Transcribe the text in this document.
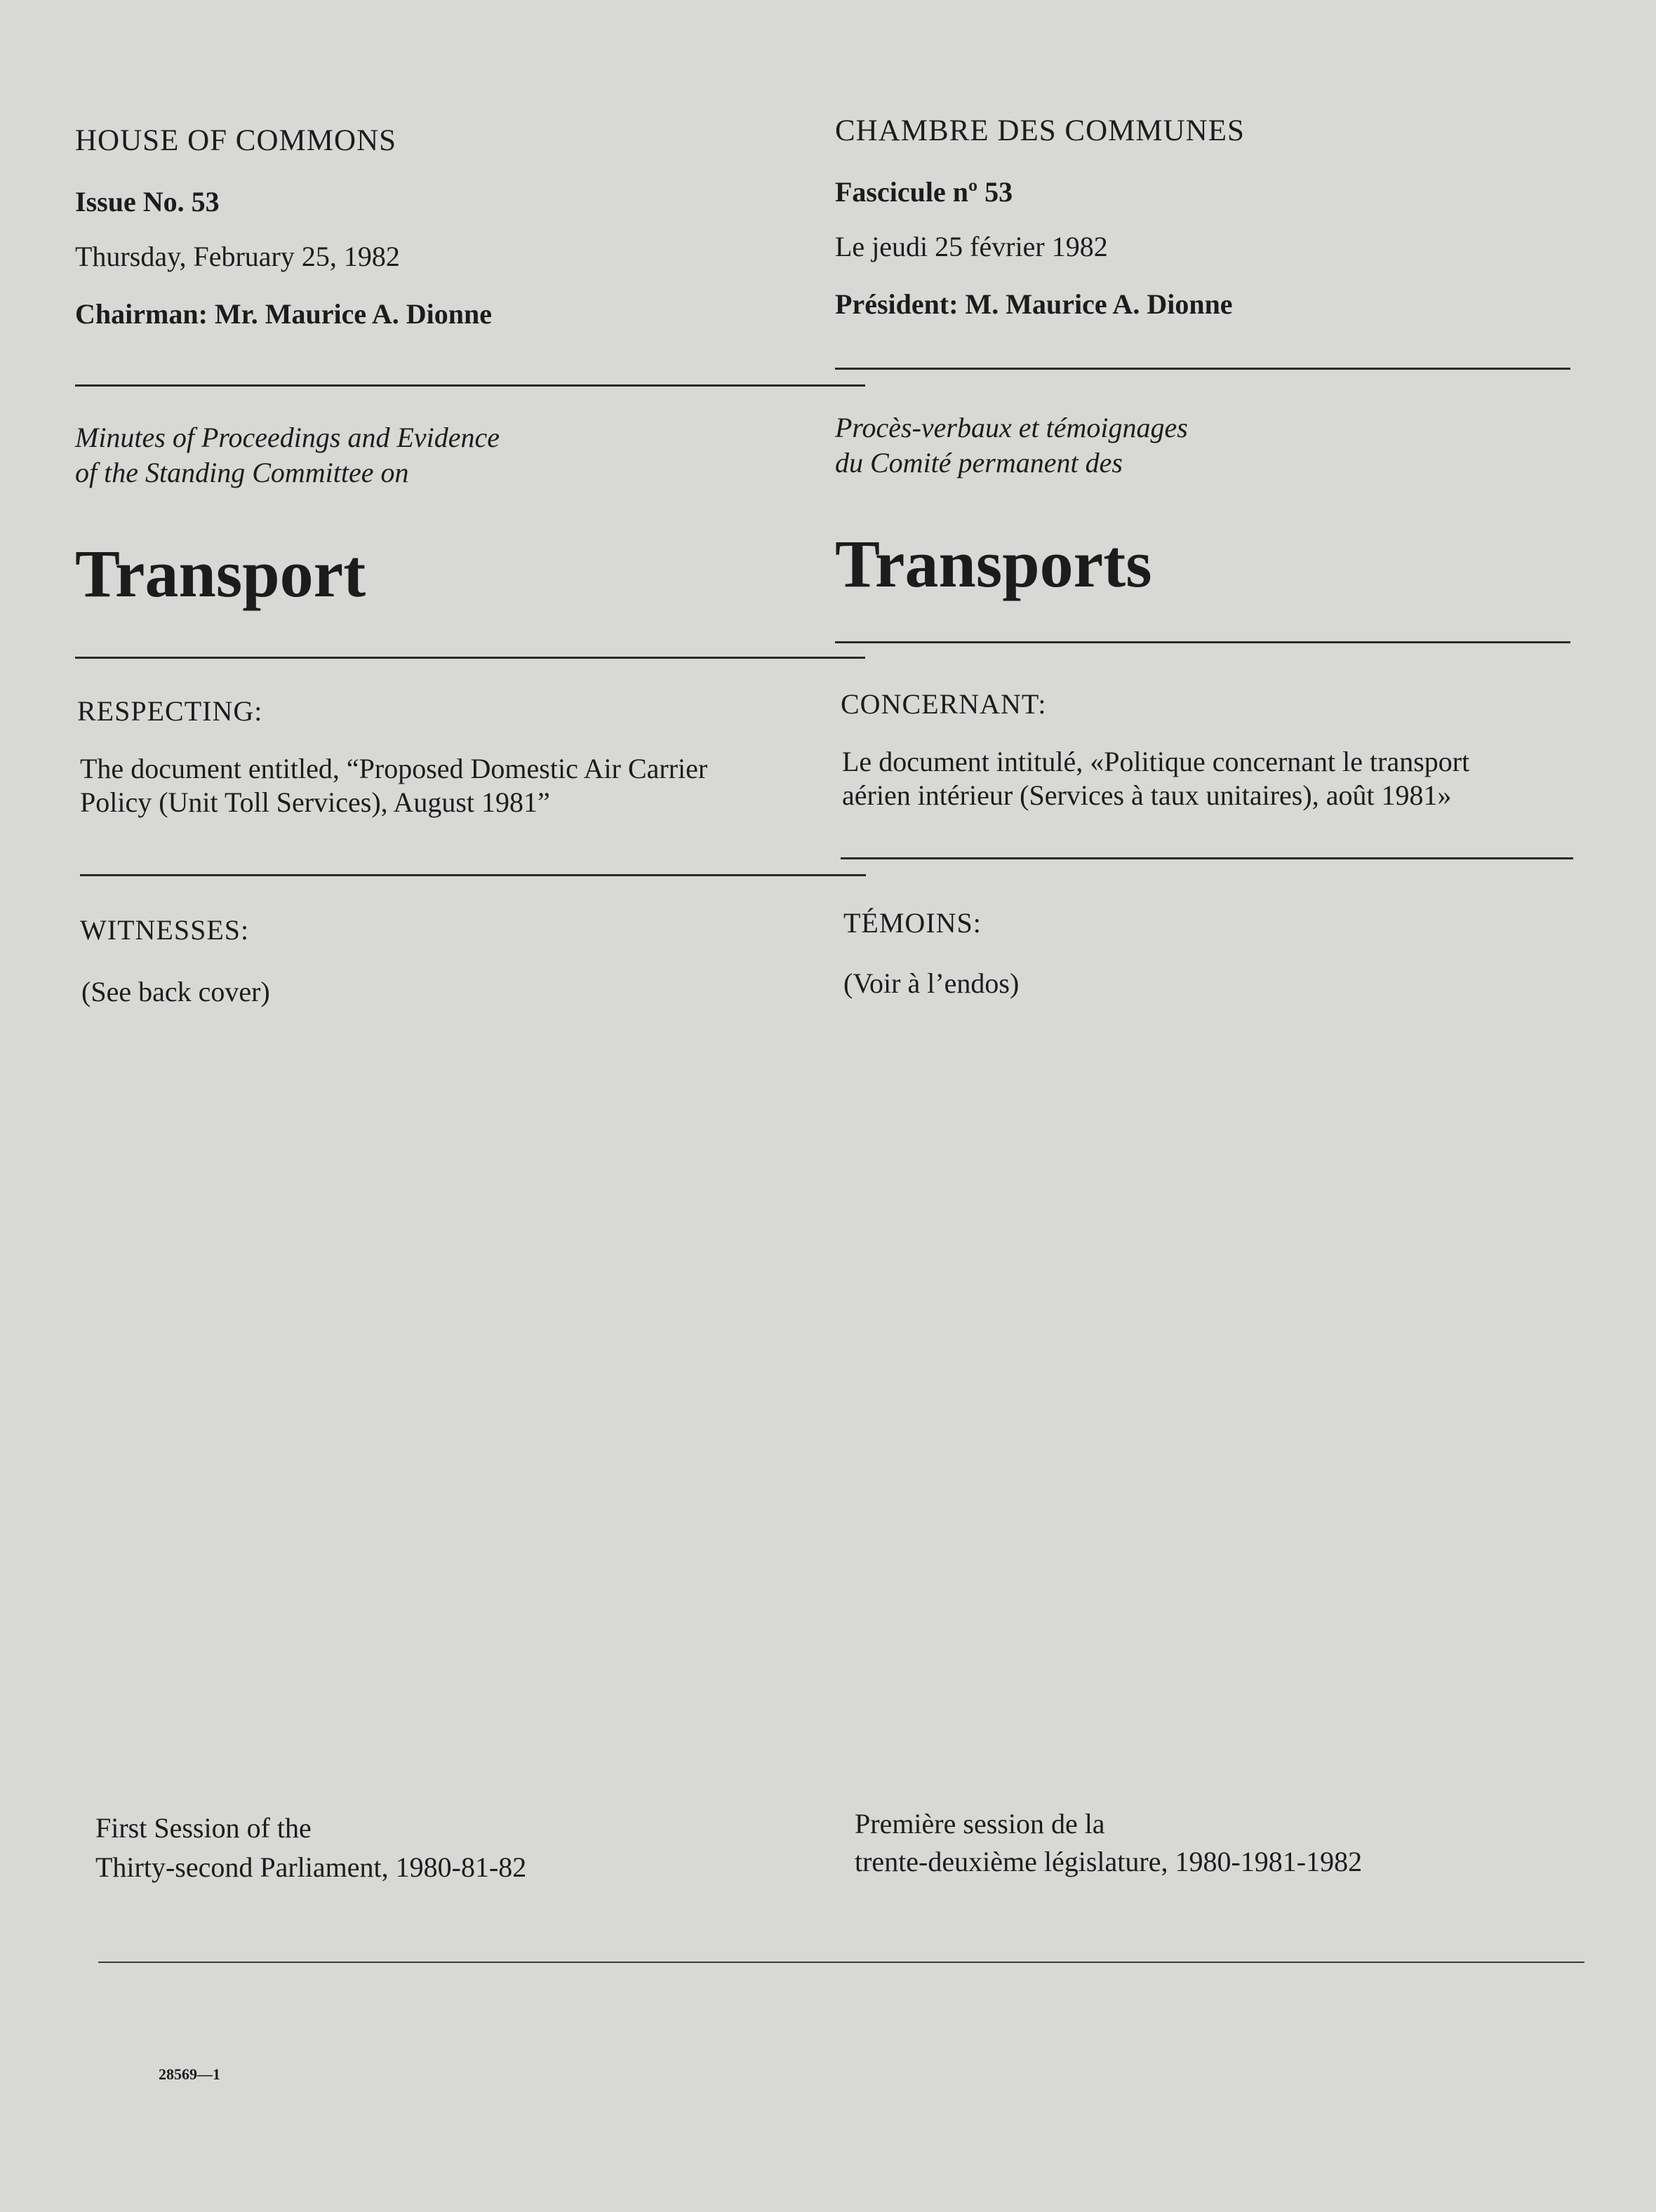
HOUSE OF COMMONS
Issue No. 53
Thursday, February 25, 1982
Chairman: Mr. Maurice A. Dionne
CHAMBRE DES COMMUNES
Fascicule nº 53
Le jeudi 25 février 1982
Président: M. Maurice A. Dionne
Minutes of Proceedings and Evidence
of the Standing Committee on
Procès-verbaux et témoignages
du Comité permanent des
Transport	Transports
RESPECTING:
The document entitled, “Proposed Domestic Air Carrier
Policy (Unit Toll Services), August 1981”
CONCERNANT:
Le document intitulé, «Politique concernant le transport
aérien intérieur (Services à taux unitaires), août 1981»
WITNESSES:
(See back cover)
TÉMOINS:
(Voir à l’endos)
First Session of the
Thirty-second Parliament, 1980-81-82
Première session de la
trente-deuxième législature, 1980-1981-1982
28569—1
